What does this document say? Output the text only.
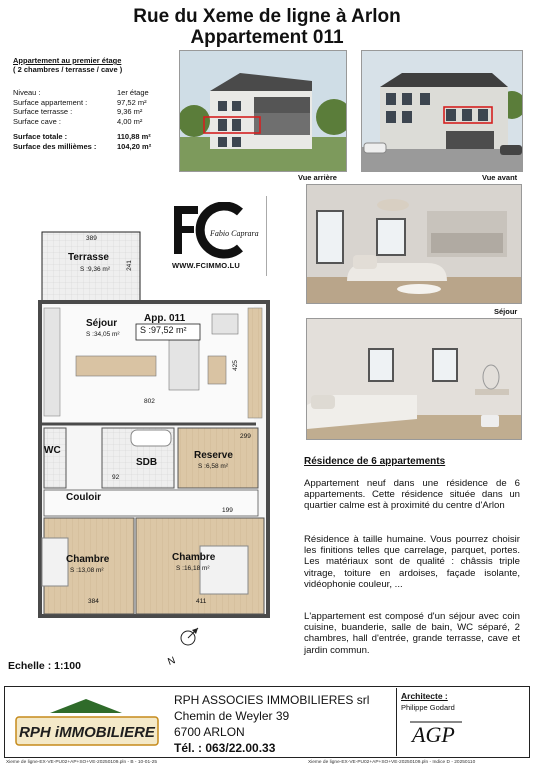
Rue du Xeme de ligne à Arlon
Appartement 011
Appartement au premier étage
( 2 chambres / terrasse / cave )
Niveau :	1er étage
Surface appartement :	97,52 m²
Surface terrasse :	9,36 m²
Surface cave :	4,00 m²
Surface totale :	110,88 m²
Surface des millièmes :	104,20 m²
Vue arrière	Vue avant
Séjour
Fabio Caprara
WWW.FCIMMO.LU
389
241
Terrasse
S :9,36 m²
Séjour
S :34,05 m²
App. 011
S :97,52 m²
425
802
WC
SDB
92
299
Reserve
S :6,58 m²
Couloir
199
Chambre
S :13,08 m²
384
Chambre
S :16,18 m²
411
N
Echelle : 1:100
Résidence de 6 appartements
Appartement neuf dans une résidence de 6 appartements. Cette résidence située dans un quartier calme est à proximité du centre d'Arlon
Résidence à taille humaine. Vous pourrez choisir les finitions telles que carrelage, parquet, portes. Les matériaux sont de qualité : châssis triple vitrage, toiture en ardoises, façade isolante, vidéophonie couleur, ...
L'appartement est composé d'un séjour avec coin cuisine, buanderie, salle de bain, WC séparé, 2 chambres, hall d'entrée, grande terrasse, cave et jardin commun.
RPH iMMOBILIERE
RPH ASSOCIES IMMOBILIERES srl
Chemin de Weyler 39
6700 ARLON
Tél. : 063/22.00.33
Architecte :
Philippe Godard
AGP
Xieme de ligne-EX-VE-PU02+AP+SO+VE-20250109.pln - B - 10-01-25	Xieme de ligne-EX-VE-PU02+AP+SO+VE-20250109.pln - Indice D - 20250110
